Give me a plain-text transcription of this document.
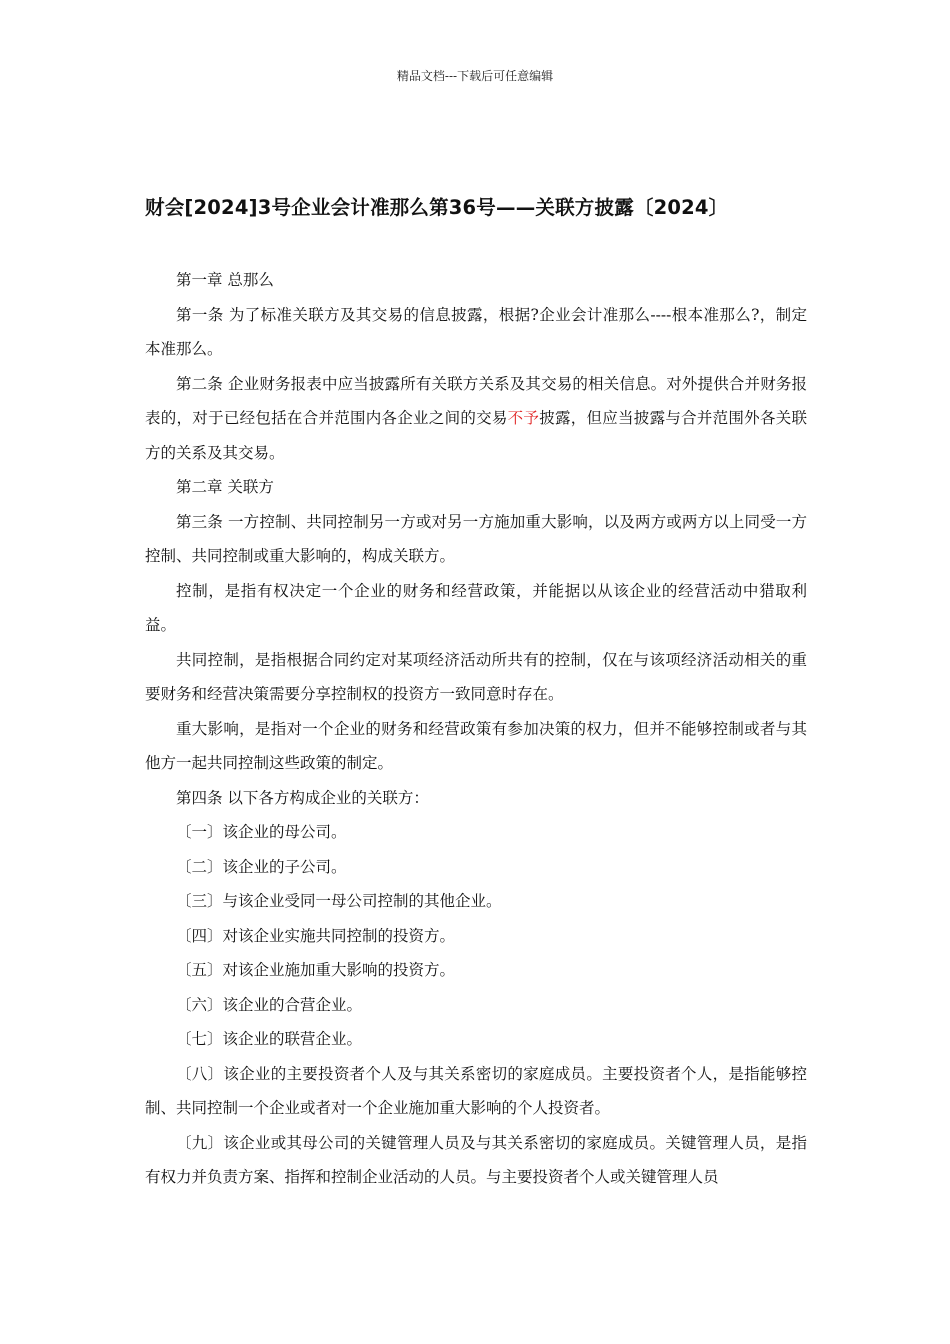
精品文档---下载后可任意编辑
财会[2024]3号企业会计准那么第36号——关联方披露〔2024〕

第一章 总那么

第一条 为了标准关联方及其交易的信息披露，根据?企业会计准那么----根本准那么?，制定本准那么。

第二条 企业财务报表中应当披露所有关联方关系及其交易的相关信息。对外提供合并财务报表的，对于已经包括在合并范围内各企业之间的交易不予披露，但应当披露与合并范围外各关联方的关系及其交易。

第二章 关联方

第三条 一方控制、共同控制另一方或对另一方施加重大影响，以及两方或两方以上同受一方控制、共同控制或重大影响的，构成关联方。

控制，是指有权决定一个企业的财务和经营政策，并能据以从该企业的经营活动中猎取利益。

共同控制，是指根据合同约定对某项经济活动所共有的控制，仅在与该项经济活动相关的重要财务和经营决策需要分享控制权的投资方一致同意时存在。

重大影响，是指对一个企业的财务和经营政策有参加决策的权力，但并不能够控制或者与其他方一起共同控制这些政策的制定。

第四条 以下各方构成企业的关联方：

〔一〕该企业的母公司。

〔二〕该企业的子公司。

〔三〕与该企业受同一母公司控制的其他企业。

〔四〕对该企业实施共同控制的投资方。

〔五〕对该企业施加重大影响的投资方。

〔六〕该企业的合营企业。

〔七〕该企业的联营企业。

〔八〕该企业的主要投资者个人及与其关系密切的家庭成员。主要投资者个人，是指能够控制、共同控制一个企业或者对一个企业施加重大影响的个人投资者。

〔九〕该企业或其母公司的关键管理人员及与其关系密切的家庭成员。关键管理人员，是指有权力并负责方案、指挥和控制企业活动的人员。与主要投资者个人或关键管理人员
